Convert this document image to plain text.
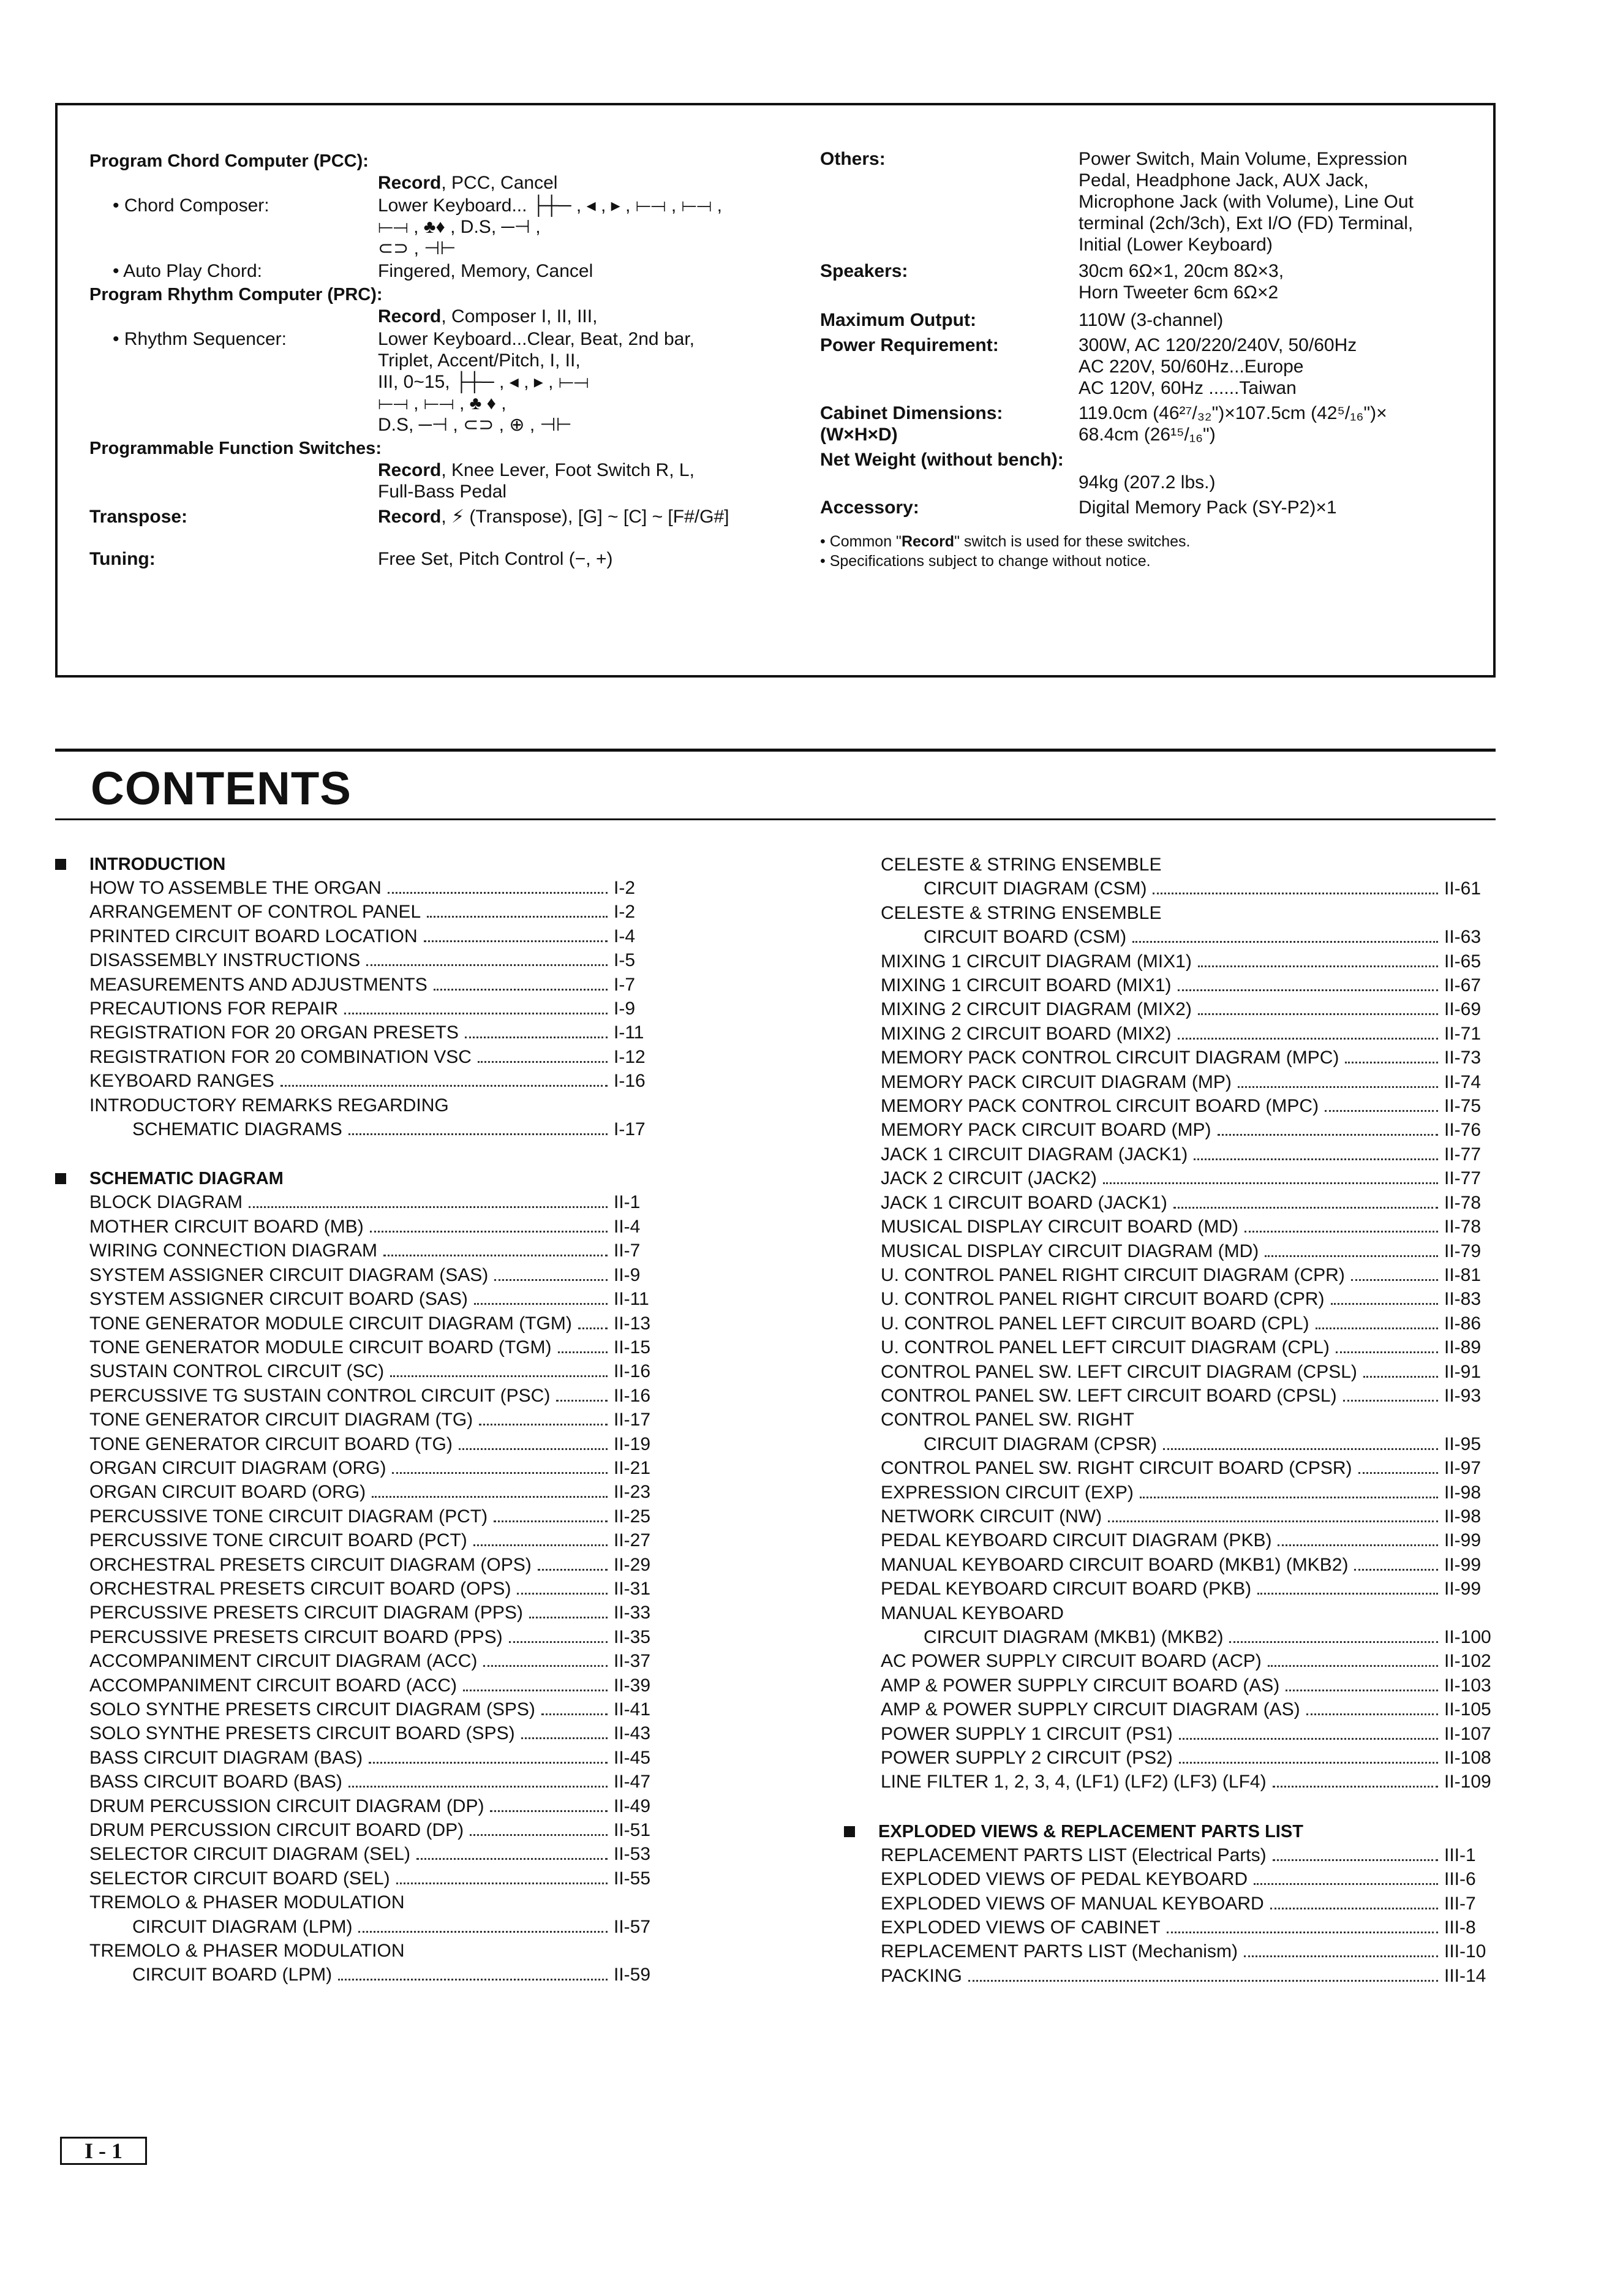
Program Chord Computer (PCC):
Record , PCC, Cancel
• Chord Composer:	Lower Keyboard... ├┼─ , ◂ , ▸ , ⟝⟞ , ⟝⟞ ,
⟝⟞ , ♣♦ , D.S, ─⊣ ,
⊂⊃ , ⊣⊢
• Auto Play Chord:	Fingered, Memory, Cancel
Program Rhythm Computer (PRC):
Record , Composer I, II, III,
• Rhythm Sequencer:	Lower Keyboard...Clear, Beat, 2nd bar,
Triplet, Accent/Pitch, I, II,
III, 0~15, ├┼─ , ◂ , ▸ , ⟝⟞
⟝⟞ , ⟝⟞ , ♣ ♦ ,
D.S, ─⊣ , ⊂⊃ , ⊕ , ⊣⊢
Programmable Function Switches:
Record, Knee Lever, Foot Switch R, L,
Full-Bass Pedal
Transpose:	Record, ⚡ (Transpose), [G] ~ [C] ~ [F#/G#]
Tuning:	Free Set, Pitch Control (−, +)
Others:	Power Switch, Main Volume, Expression
Pedal, Headphone Jack, AUX Jack,
Microphone Jack (with Volume), Line Out
terminal (2ch/3ch), Ext I/O (FD) Terminal,
Initial (Lower Keyboard)
Speakers:	30cm 6Ω×1, 20cm 8Ω×3,
Horn Tweeter 6cm 6Ω×2
Maximum Output:	110W (3-channel)
Power Requirement:	300W, AC 120/220/240V, 50/60Hz
AC 220V, 50/60Hz...Europe
AC 120V, 60Hz ......Taiwan
Cabinet Dimensions:
(W×H×D)
119.0cm (46²⁷/₃₂")×107.5cm (42⁵/₁₆")×
68.4cm (26¹⁵/₁₆")
Net Weight (without bench):
94kg (207.2 lbs.)
Accessory:	Digital Memory Pack (SY-P2)×1
• Common "Record" switch is used for these switches.
• Specifications subject to change without notice.
CONTENTS
INTRODUCTION
HOW TO ASSEMBLE THE ORGAN	I-2
ARRANGEMENT OF CONTROL PANEL	I-2
PRINTED CIRCUIT BOARD LOCATION	I-4
DISASSEMBLY INSTRUCTIONS	I-5
MEASUREMENTS AND ADJUSTMENTS	I-7
PRECAUTIONS FOR REPAIR	I-9
REGISTRATION FOR 20 ORGAN PRESETS	I-11
REGISTRATION FOR 20 COMBINATION VSC	I-12
KEYBOARD RANGES	I-16
INTRODUCTORY REMARKS REGARDING
SCHEMATIC DIAGRAMS	I-17
SCHEMATIC DIAGRAM
BLOCK DIAGRAM	II-1
MOTHER CIRCUIT BOARD (MB)	II-4
WIRING CONNECTION DIAGRAM	II-7
SYSTEM ASSIGNER CIRCUIT DIAGRAM (SAS)	II-9
SYSTEM ASSIGNER CIRCUIT BOARD (SAS)	II-11
TONE GENERATOR MODULE CIRCUIT DIAGRAM (TGM) II-13
TONE GENERATOR MODULE CIRCUIT BOARD (TGM)	II-15
SUSTAIN CONTROL CIRCUIT (SC)	II-16
PERCUSSIVE TG SUSTAIN CONTROL CIRCUIT (PSC)	II-16
TONE GENERATOR CIRCUIT DIAGRAM (TG)	II-17
TONE GENERATOR CIRCUIT BOARD (TG)	II-19
ORGAN CIRCUIT DIAGRAM (ORG)	II-21
ORGAN CIRCUIT BOARD (ORG)	II-23
PERCUSSIVE TONE CIRCUIT DIAGRAM (PCT)	II-25
PERCUSSIVE TONE CIRCUIT BOARD (PCT)	II-27
ORCHESTRAL PRESETS CIRCUIT DIAGRAM (OPS)	II-29
ORCHESTRAL PRESETS CIRCUIT BOARD (OPS)	II-31
PERCUSSIVE PRESETS CIRCUIT DIAGRAM (PPS)	II-33
PERCUSSIVE PRESETS CIRCUIT BOARD (PPS)	II-35
ACCOMPANIMENT CIRCUIT DIAGRAM (ACC)	II-37
ACCOMPANIMENT CIRCUIT BOARD (ACC)	II-39
SOLO SYNTHE PRESETS CIRCUIT DIAGRAM (SPS)	II-41
SOLO SYNTHE PRESETS CIRCUIT BOARD (SPS)	II-43
BASS CIRCUIT DIAGRAM (BAS)	II-45
BASS CIRCUIT BOARD (BAS)	II-47
DRUM PERCUSSION CIRCUIT DIAGRAM (DP)	II-49
DRUM PERCUSSION CIRCUIT BOARD (DP)	II-51
SELECTOR CIRCUIT DIAGRAM (SEL)	II-53
SELECTOR CIRCUIT BOARD (SEL)	II-55
TREMOLO & PHASER MODULATION
CIRCUIT DIAGRAM (LPM)	II-57
TREMOLO & PHASER MODULATION
CIRCUIT BOARD (LPM)	II-59
CELESTE & STRING ENSEMBLE
CIRCUIT DIAGRAM (CSM)	II-61
CELESTE & STRING ENSEMBLE
CIRCUIT BOARD (CSM)	II-63
MIXING 1 CIRCUIT DIAGRAM (MIX1)	II-65
MIXING 1 CIRCUIT BOARD (MIX1)	II-67
MIXING 2 CIRCUIT DIAGRAM (MIX2)	II-69
MIXING 2 CIRCUIT BOARD (MIX2)	II-71
MEMORY PACK CONTROL CIRCUIT DIAGRAM (MPC)	II-73
MEMORY PACK CIRCUIT DIAGRAM (MP)	II-74
MEMORY PACK CONTROL CIRCUIT BOARD (MPC)	II-75
MEMORY PACK CIRCUIT BOARD (MP)	II-76
JACK 1 CIRCUIT DIAGRAM (JACK1)	II-77
JACK 2 CIRCUIT (JACK2)	II-77
JACK 1 CIRCUIT BOARD (JACK1)	II-78
MUSICAL DISPLAY CIRCUIT BOARD (MD)	II-78
MUSICAL DISPLAY CIRCUIT DIAGRAM (MD)	II-79
U. CONTROL PANEL RIGHT CIRCUIT DIAGRAM (CPR)	II-81
U. CONTROL PANEL RIGHT CIRCUIT BOARD (CPR)	II-83
U. CONTROL PANEL LEFT CIRCUIT BOARD (CPL)	II-86
U. CONTROL PANEL LEFT CIRCUIT DIAGRAM (CPL)	II-89
CONTROL PANEL SW. LEFT CIRCUIT DIAGRAM (CPSL)	II-91
CONTROL PANEL SW. LEFT CIRCUIT BOARD (CPSL)	II-93
CONTROL PANEL SW. RIGHT
CIRCUIT DIAGRAM (CPSR)	II-95
CONTROL PANEL SW. RIGHT CIRCUIT BOARD (CPSR)	II-97
EXPRESSION CIRCUIT (EXP)	II-98
NETWORK CIRCUIT (NW)	II-98
PEDAL KEYBOARD CIRCUIT DIAGRAM (PKB)	II-99
MANUAL KEYBOARD CIRCUIT BOARD (MKB1) (MKB2)	II-99
PEDAL KEYBOARD CIRCUIT BOARD (PKB)	II-99
MANUAL KEYBOARD
CIRCUIT DIAGRAM (MKB1) (MKB2)	II-100
AC POWER SUPPLY CIRCUIT BOARD (ACP)	II-102
AMP & POWER SUPPLY CIRCUIT BOARD (AS)	II-103
AMP & POWER SUPPLY CIRCUIT DIAGRAM (AS)	II-105
POWER SUPPLY 1 CIRCUIT (PS1)	II-107
POWER SUPPLY 2 CIRCUIT (PS2)	II-108
LINE FILTER 1, 2, 3, 4, (LF1) (LF2) (LF3) (LF4)	II-109
EXPLODED VIEWS & REPLACEMENT PARTS LIST
REPLACEMENT PARTS LIST (Electrical Parts)	III-1
EXPLODED VIEWS OF PEDAL KEYBOARD	III-6
EXPLODED VIEWS OF MANUAL KEYBOARD	III-7
EXPLODED VIEWS OF CABINET	III-8
REPLACEMENT PARTS LIST (Mechanism)	III-10
PACKING	III-14
I - 1
